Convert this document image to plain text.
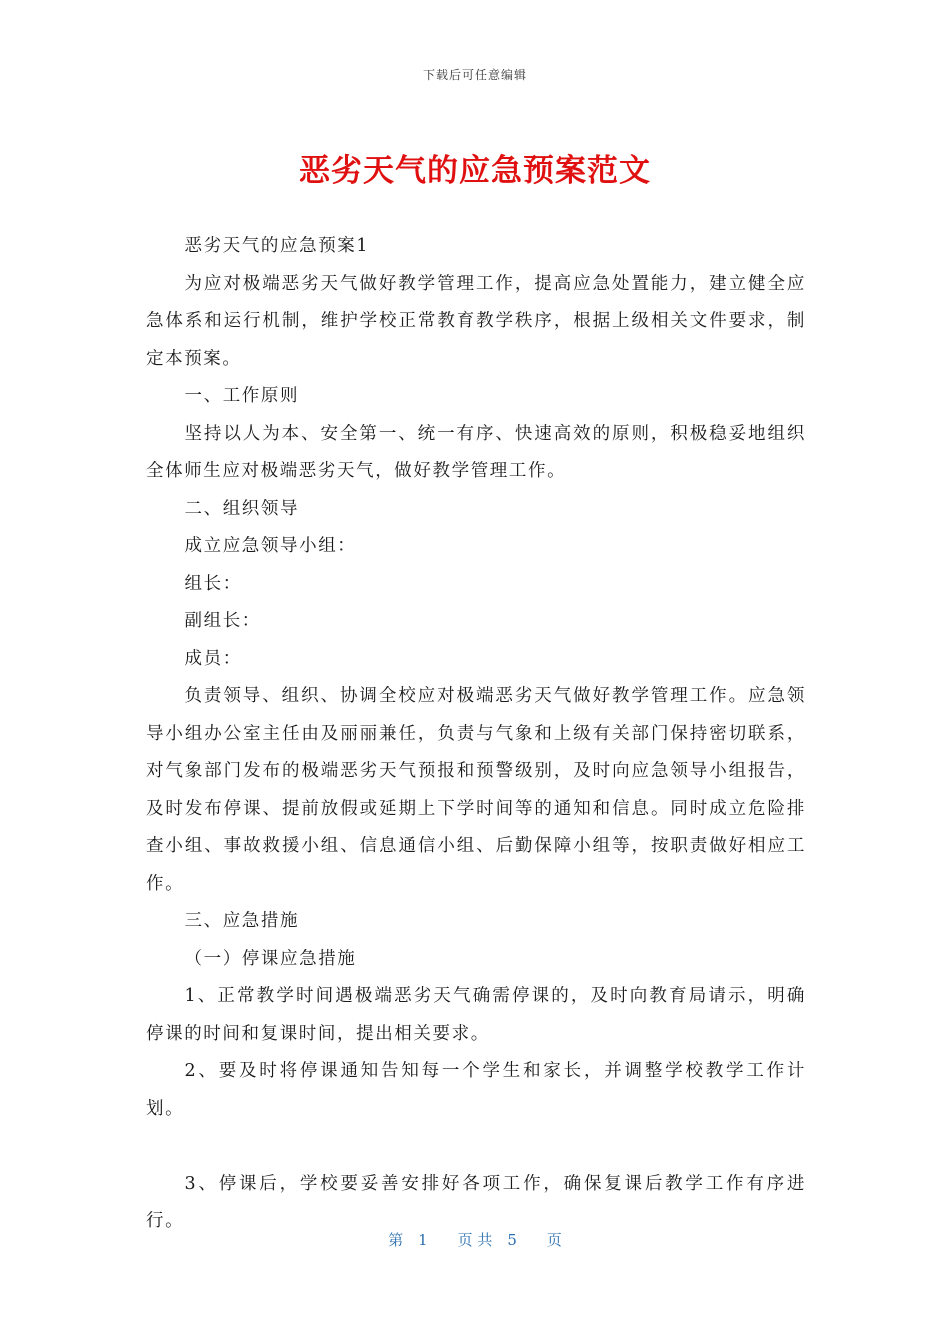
下载后可任意编辑
恶劣天气的应急预案范文

恶劣天气的应急预案1

为应对极端恶劣天气做好教学管理工作，提高应急处置能力，建立健全应急体系和运行机制，维护学校正常教育教学秩序，根据上级相关文件要求，制定本预案。

一、工作原则

坚持以人为本、安全第一、统一有序、快速高效的原则，积极稳妥地组织全体师生应对极端恶劣天气，做好教学管理工作。

二、组织领导

成立应急领导小组：

组长：

副组长：

成员：

负责领导、组织、协调全校应对极端恶劣天气做好教学管理工作。应急领导小组办公室主任由及丽丽兼任，负责与气象和上级有关部门保持密切联系，对气象部门发布的极端恶劣天气预报和预警级别，及时向应急领导小组报告，及时发布停课、提前放假或延期上下学时间等的通知和信息。同时成立危险排查小组、事故救援小组、信息通信小组、后勤保障小组等，按职责做好相应工作。

三、应急措施

（一）停课应急措施

1、正常教学时间遇极端恶劣天气确需停课的，及时向教育局请示，明确停课的时间和复课时间，提出相关要求。

2、要及时将停课通知告知每一个学生和家长，并调整学校教学工作计划。

3、停课后，学校要妥善安排好各项工作，确保复课后教学工作有序进行。

第　1　　页 共　5　　页
